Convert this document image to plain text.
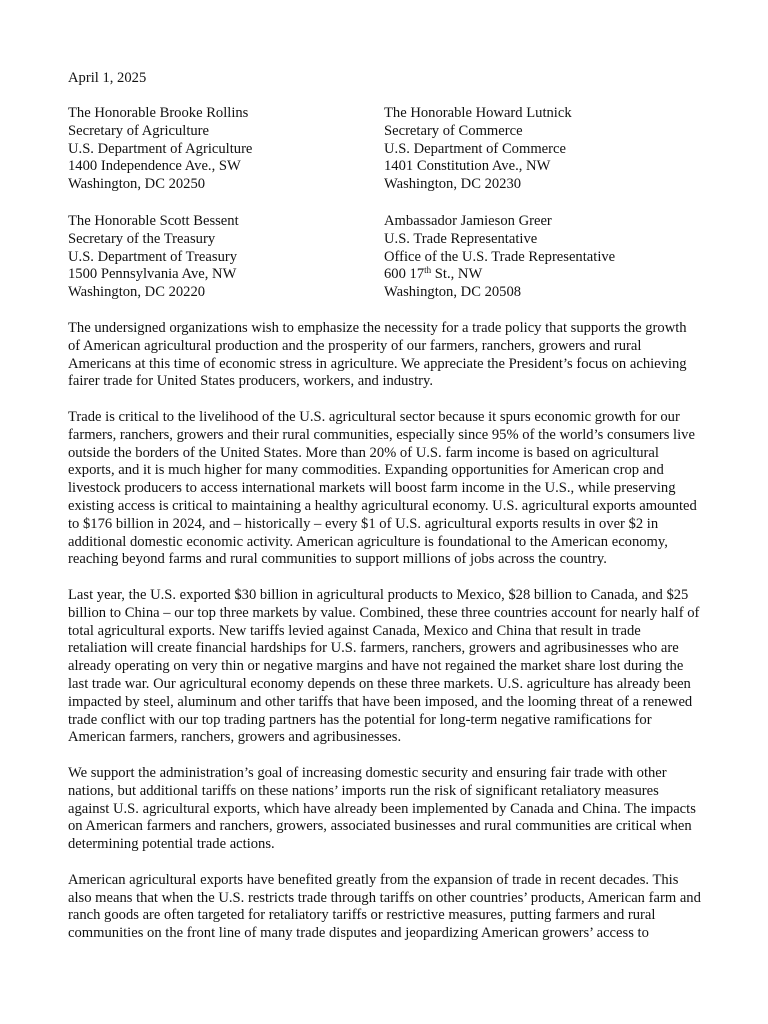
April 1, 2025

The Honorable Brooke Rollins
Secretary of Agriculture
U.S. Department of Agriculture
1400 Independence Ave., SW
Washington, DC 20250
The Honorable Howard Lutnick
Secretary of Commerce
U.S. Department of Commerce
1401 Constitution Ave., NW
Washington, DC 20230
The Honorable Scott Bessent
Secretary of the Treasury
U.S. Department of Treasury
1500 Pennsylvania Ave, NW
Washington, DC 20220
Ambassador Jamieson Greer
U.S. Trade Representative
Office of the U.S. Trade Representative
600 17th St., NW
Washington, DC 20508

The undersigned organizations wish to emphasize the necessity for a trade policy that supports the growth of American agricultural production and the prosperity of our farmers, ranchers, growers and rural Americans at this time of economic stress in agriculture. We appreciate the President’s focus on achieving fairer trade for United States producers, workers, and industry.

Trade is critical to the livelihood of the U.S. agricultural sector because it spurs economic growth for our farmers, ranchers, growers and their rural communities, especially since 95% of the world’s consumers live outside the borders of the United States. More than 20% of U.S. farm income is based on agricultural exports, and it is much higher for many commodities. Expanding opportunities for American crop and livestock producers to access international markets will boost farm income in the U.S., while preserving existing access is critical to maintaining a healthy agricultural economy. U.S. agricultural exports amounted to $176 billion in 2024, and – historically – every $1 of U.S. agricultural exports results in over $2 in additional domestic economic activity. American agriculture is foundational to the American economy, reaching beyond farms and rural communities to support millions of jobs across the country.

Last year, the U.S. exported $30 billion in agricultural products to Mexico, $28 billion to Canada, and $25 billion to China – our top three markets by value. Combined, these three countries account for nearly half of total agricultural exports. New tariffs levied against Canada, Mexico and China that result in trade retaliation will create financial hardships for U.S. farmers, ranchers, growers and agribusinesses who are already operating on very thin or negative margins and have not regained the market share lost during the last trade war. Our agricultural economy depends on these three markets. U.S. agriculture has already been impacted by steel, aluminum and other tariffs that have been imposed, and the looming threat of a renewed trade conflict with our top trading partners has the potential for long-term negative ramifications for American farmers, ranchers, growers and agribusinesses.

We support the administration’s goal of increasing domestic security and ensuring fair trade with other nations, but additional tariffs on these nations’ imports run the risk of significant retaliatory measures against U.S. agricultural exports, which have already been implemented by Canada and China. The impacts on American farmers and ranchers, growers, associated businesses and rural communities are critical when determining potential trade actions.

American agricultural exports have benefited greatly from the expansion of trade in recent decades. This also means that when the U.S. restricts trade through tariffs on other countries’ products, American farm and ranch goods are often targeted for retaliatory tariffs or restrictive measures, putting farmers and rural communities on the front line of many trade disputes and jeopardizing American growers’ access to
